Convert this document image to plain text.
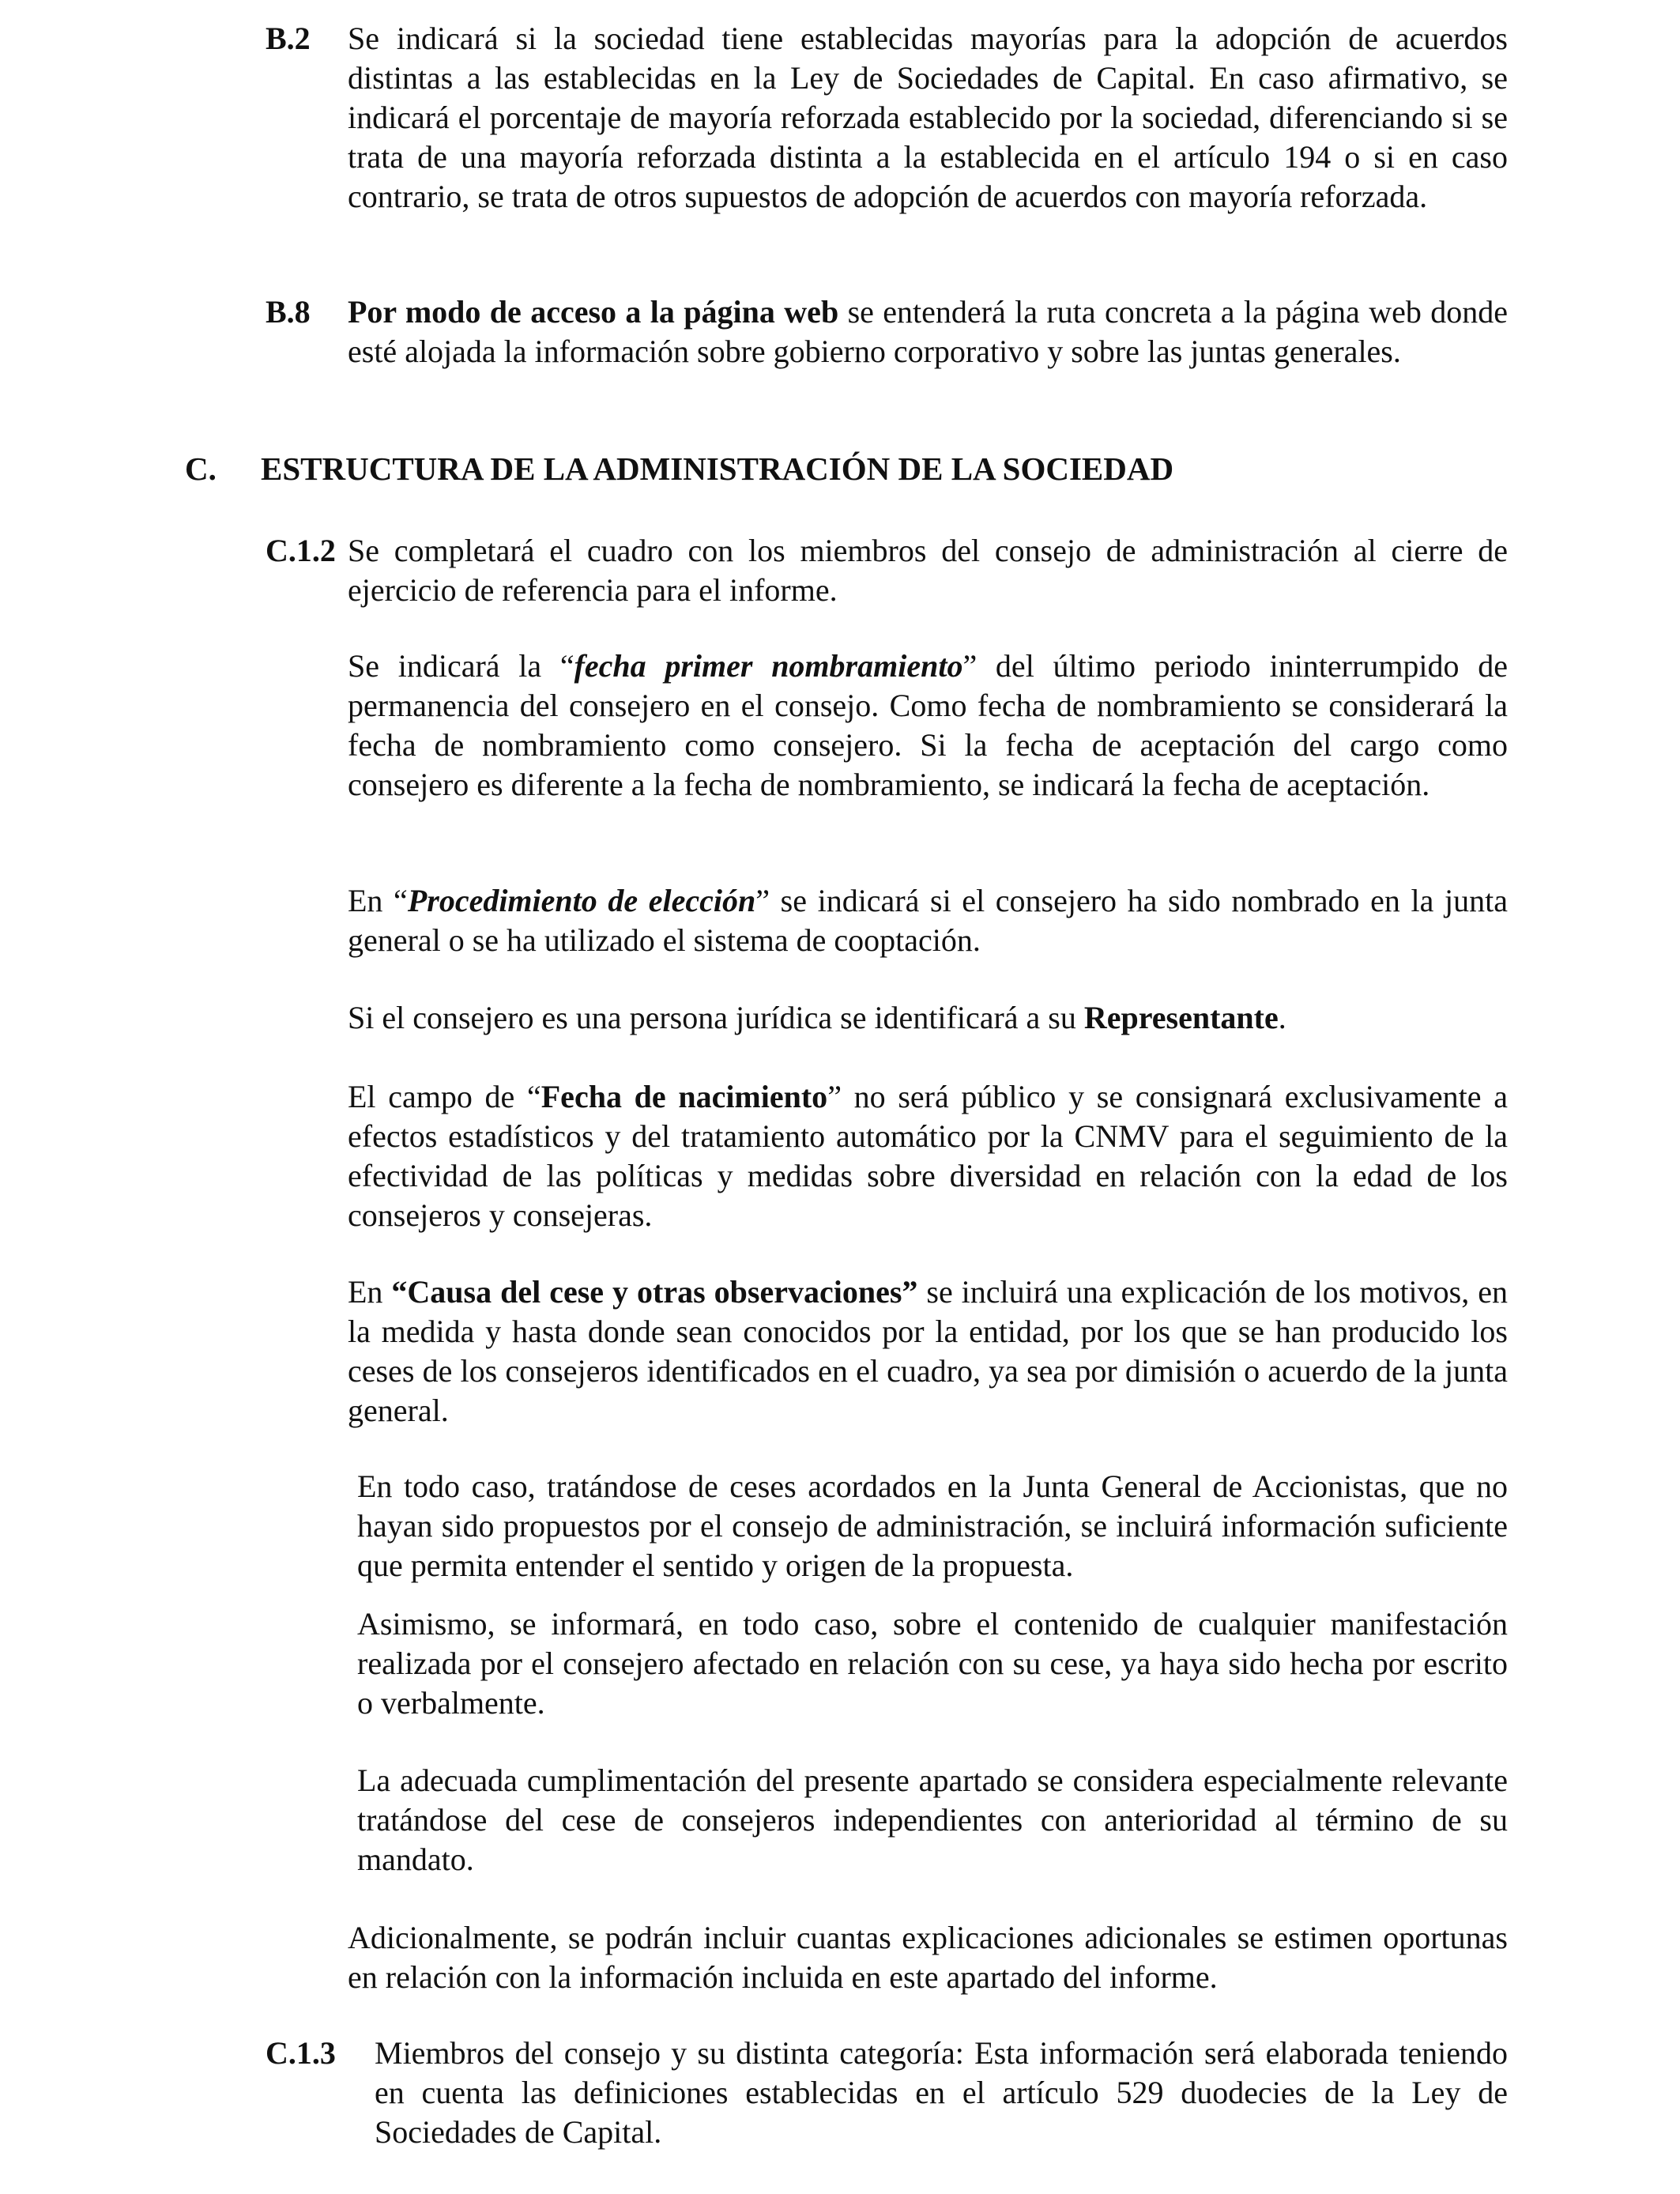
B.2 Se indicará si la sociedad tiene establecidas mayorías para la adopción de acuerdos distintas a las establecidas en la Ley de Sociedades de Capital. En caso afirmativo, se indicará el porcentaje de mayoría reforzada establecido por la sociedad, diferenciando si se trata de una mayoría reforzada distinta a la establecida en el artículo 194 o si en caso contrario, se trata de otros supuestos de adopción de acuerdos con mayoría reforzada.

B.8 Por modo de acceso a la página web se entenderá la ruta concreta a la página web donde esté alojada la información sobre gobierno corporativo y sobre las juntas generales.

C. ESTRUCTURA DE LA ADMINISTRACIÓN DE LA SOCIEDAD
C.1.2 Se completará el cuadro con los miembros del consejo de administración al cierre de ejercicio de referencia para el informe.

Se indicará la “fecha primer nombramiento” del último periodo ininterrumpido de permanencia del consejero en el consejo. Como fecha de nombramiento se considerará la fecha de nombramiento como consejero. Si la fecha de aceptación del cargo como consejero es diferente a la fecha de nombramiento, se indicará la fecha de aceptación.

En “Procedimiento de elección” se indicará si el consejero ha sido nombrado en la junta general o se ha utilizado el sistema de cooptación.

Si el consejero es una persona jurídica se identificará a su Representante.

El campo de “Fecha de nacimiento” no será público y se consignará exclusivamente a efectos estadísticos y del tratamiento automático por la CNMV para el seguimiento de la efectividad de las políticas y medidas sobre diversidad en relación con la edad de los consejeros y consejeras.

En “Causa del cese y otras observaciones” se incluirá una explicación de los motivos, en la medida y hasta donde sean conocidos por la entidad, por los que se han producido los ceses de los consejeros identificados en el cuadro, ya sea por dimisión o acuerdo de la junta general.

En todo caso, tratándose de ceses acordados en la Junta General de Accionistas, que no hayan sido propuestos por el consejo de administración, se incluirá información suficiente que permita entender el sentido y origen de la propuesta.

Asimismo, se informará, en todo caso, sobre el contenido de cualquier manifestación realizada por el consejero afectado en relación con su cese, ya haya sido hecha por escrito o verbalmente.

La adecuada cumplimentación del presente apartado se considera especialmente relevante tratándose del cese de consejeros independientes con anterioridad al término de su mandato.

Adicionalmente, se podrán incluir cuantas explicaciones adicionales se estimen oportunas en relación con la información incluida en este apartado del informe.

C.1.3 Miembros del consejo y su distinta categoría: Esta información será elaborada teniendo en cuenta las definiciones establecidas en el artículo 529 duodecies de la Ley de Sociedades de Capital.
